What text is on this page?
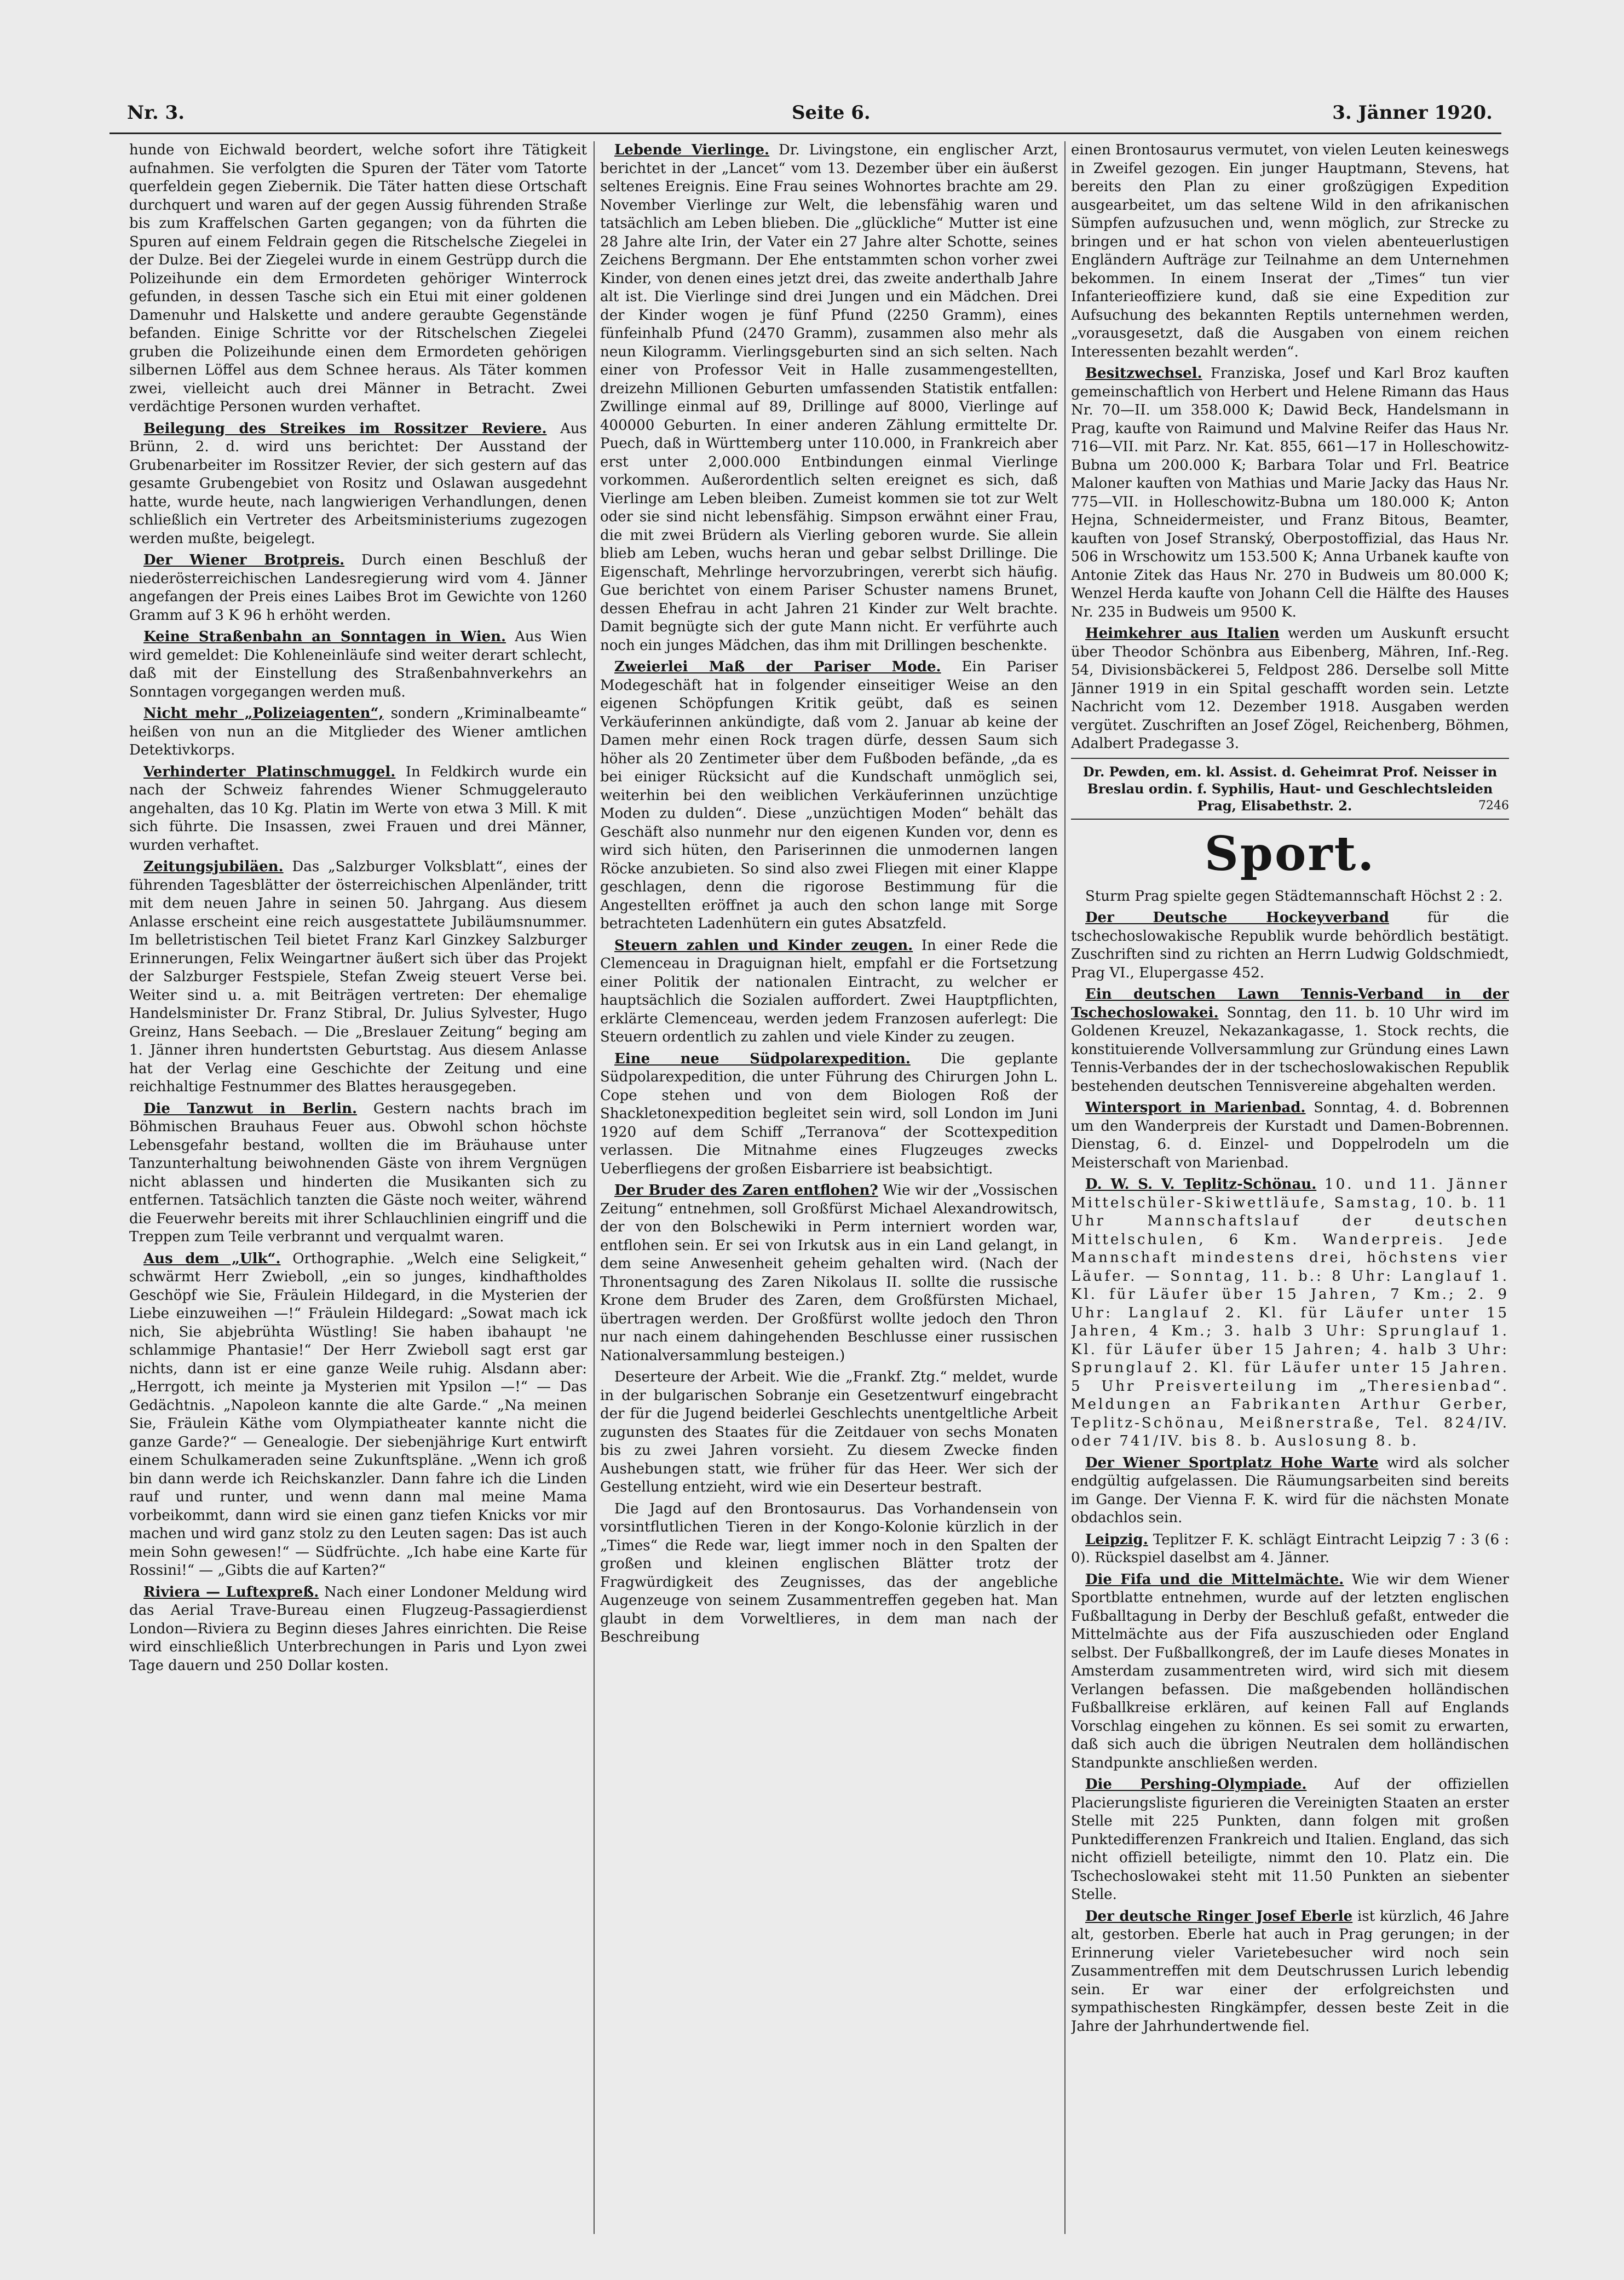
Nr. 3.	Seite 6.	3. Jänner 1920.

hunde von Eichwald beordert, welche sofort ihre Tätigkeit aufnahmen. Sie verfolgten die Spuren der Täter vom Tatorte querfeldein gegen Ziebernik. Die Täter hatten diese Ortschaft durchquert und waren auf der gegen Aussig führenden Straße bis zum Kraffelschen Garten gegangen; von da führten die Spuren auf einem Feldrain gegen die Ritschelsche Ziegelei in der Dulze. Bei der Ziegelei wurde in einem Gestrüpp durch die Polizeihunde ein dem Ermordeten gehöriger Winterrock gefunden, in dessen Tasche sich ein Etui mit einer goldenen Damenuhr und Halskette und andere geraubte Gegenstände befanden. Einige Schritte vor der Ritschelschen Ziegelei gruben die Polizeihunde einen dem Ermordeten gehörigen silbernen Löffel aus dem Schnee heraus. Als Täter kommen zwei, vielleicht auch drei Männer in Betracht. Zwei verdächtige Personen wurden verhaftet.

Beilegung des Streikes im Rossitzer Reviere. Aus Brünn, 2. d. wird uns berichtet: Der Ausstand der Grubenarbeiter im Rossitzer Revier, der sich gestern auf das gesamte Grubengebiet von Rositz und Oslawan ausgedehnt hatte, wurde heute, nach langwierigen Verhandlungen, denen schließlich ein Vertreter des Arbeitsministeriums zugezogen werden mußte, beigelegt.

Der Wiener Brotpreis. Durch einen Beschluß der niederösterreichischen Landesregierung wird vom 4. Jänner angefangen der Preis eines Laibes Brot im Gewichte von 1260 Gramm auf 3 K 96 h erhöht werden.

Keine Straßenbahn an Sonntagen in Wien. Aus Wien wird gemeldet: Die Kohleneinläufe sind weiter derart schlecht, daß mit der Einstellung des Straßenbahnverkehrs an Sonntagen vorgegangen werden muß.

Nicht mehr „Polizeiagenten“, sondern „Kriminalbeamte“ heißen von nun an die Mitglieder des Wiener amtlichen Detektivkorps.

Verhinderter Platinschmuggel. In Feldkirch wurde ein nach der Schweiz fahrendes Wiener Schmuggelerauto angehalten, das 10 Kg. Platin im Werte von etwa 3 Mill. K mit sich führte. Die Insassen, zwei Frauen und drei Männer, wurden verhaftet.

Zeitungsjubiläen. Das „Salzburger Volksblatt“, eines der führenden Tagesblätter der österreichischen Alpenländer, tritt mit dem neuen Jahre in seinen 50. Jahrgang. Aus diesem Anlasse erscheint eine reich ausgestattete Jubiläumsnummer. Im belletristischen Teil bietet Franz Karl Ginzkey Salzburger Erinnerungen, Felix Weingartner äußert sich über das Projekt der Salzburger Festspiele, Stefan Zweig steuert Verse bei. Weiter sind u. a. mit Beiträgen vertreten: Der ehemalige Handelsminister Dr. Franz Stibral, Dr. Julius Sylvester, Hugo Greinz, Hans Seebach. — Die „Breslauer Zeitung“ beging am 1. Jänner ihren hundertsten Geburtstag. Aus diesem Anlasse hat der Verlag eine Geschichte der Zeitung und eine reichhaltige Festnummer des Blattes herausgegeben.

Die Tanzwut in Berlin. Gestern nachts brach im Böhmischen Brauhaus Feuer aus. Obwohl schon höchste Lebensgefahr bestand, wollten die im Bräuhause unter Tanzunterhaltung beiwohnenden Gäste von ihrem Vergnügen nicht ablassen und hinderten die Musikanten sich zu entfernen. Tatsächlich tanzten die Gäste noch weiter, während die Feuerwehr bereits mit ihrer Schlauchlinien eingriff und die Treppen zum Teile verbrannt und verqualmt waren.

Aus dem „Ulk“. Orthographie. „Welch eine Seligkeit,“ schwärmt Herr Zwieboll, „ein so junges, kindhaftholdes Geschöpf wie Sie, Fräulein Hildegard, in die Mysterien der Liebe einzuweihen —!“ Fräulein Hildegard: „Sowat mach ick nich, Sie abjebrühta Wüstling! Sie haben ibahaupt 'ne schlammige Phantasie!“ Der Herr Zwieboll sagt erst gar nichts, dann ist er eine ganze Weile ruhig. Alsdann aber: „Herrgott, ich meinte ja Mysterien mit Ypsilon —!“ — Das Gedächtnis. „Napoleon kannte die alte Garde.“ „Na meinen Sie, Fräulein Käthe vom Olympiatheater kannte nicht die ganze Garde?“ — Genealogie. Der siebenjährige Kurt entwirft einem Schulkameraden seine Zukunftspläne. „Wenn ich groß bin dann werde ich Reichskanzler. Dann fahre ich die Linden rauf und runter, und wenn dann mal meine Mama vorbeikommt, dann wird sie einen ganz tiefen Knicks vor mir machen und wird ganz stolz zu den Leuten sagen: Das ist auch mein Sohn gewesen!“ — Südfrüchte. „Ich habe eine Karte für Rossini!“ — „Gibts die auf Karten?“

Riviera — Luftexpreß. Nach einer Londoner Meldung wird das Aerial Trave-Bureau einen Flugzeug-Passagierdienst London—Riviera zu Beginn dieses Jahres einrichten. Die Reise wird einschließlich Unterbrechungen in Paris und Lyon zwei Tage dauern und 250 Dollar kosten.

Lebende Vierlinge. Dr. Livingstone, ein englischer Arzt, berichtet in der „Lancet“ vom 13. Dezember über ein äußerst seltenes Ereignis. Eine Frau seines Wohnortes brachte am 29. November Vierlinge zur Welt, die lebensfähig waren und tatsächlich am Leben blieben. Die „glückliche“ Mutter ist eine 28 Jahre alte Irin, der Vater ein 27 Jahre alter Schotte, seines Zeichens Bergmann. Der Ehe entstammten schon vorher zwei Kinder, von denen eines jetzt drei, das zweite anderthalb Jahre alt ist. Die Vierlinge sind drei Jungen und ein Mädchen. Drei der Kinder wogen je fünf Pfund (2250 Gramm), eines fünfeinhalb Pfund (2470 Gramm), zusammen also mehr als neun Kilogramm. Vierlingsgeburten sind an sich selten. Nach einer von Professor Veit in Halle zusammengestellten, dreizehn Millionen Geburten umfassenden Statistik entfallen: Zwillinge einmal auf 89, Drillinge auf 8000, Vierlinge auf 400000 Geburten. In einer anderen Zählung ermittelte Dr. Puech, daß in Württemberg unter 110.000, in Frankreich aber erst unter 2,000.000 Entbindungen einmal Vierlinge vorkommen. Außerordentlich selten ereignet es sich, daß Vierlinge am Leben bleiben. Zumeist kommen sie tot zur Welt oder sie sind nicht lebensfähig. Simpson erwähnt einer Frau, die mit zwei Brüdern als Vierling geboren wurde. Sie allein blieb am Leben, wuchs heran und gebar selbst Drillinge. Die Eigenschaft, Mehrlinge hervorzubringen, vererbt sich häufig. Gue berichtet von einem Pariser Schuster namens Brunet, dessen Ehefrau in acht Jahren 21 Kinder zur Welt brachte. Damit begnügte sich der gute Mann nicht. Er verführte auch noch ein junges Mädchen, das ihm mit Drillingen beschenkte.

Zweierlei Maß der Pariser Mode. Ein Pariser Modegeschäft hat in folgender einseitiger Weise an den eigenen Schöpfungen Kritik geübt, daß es seinen Verkäuferinnen ankündigte, daß vom 2. Januar ab keine der Damen mehr einen Rock tragen dürfe, dessen Saum sich höher als 20 Zentimeter über dem Fußboden befände, „da es bei einiger Rücksicht auf die Kundschaft unmöglich sei, weiterhin bei den weiblichen Verkäuferinnen unzüchtige Moden zu dulden“. Diese „unzüchtigen Moden“ behält das Geschäft also nunmehr nur den eigenen Kunden vor, denn es wird sich hüten, den Pariserinnen die unmodernen langen Röcke anzubieten. So sind also zwei Fliegen mit einer Klappe geschlagen, denn die rigorose Bestimmung für die Angestellten eröffnet ja auch den schon lange mit Sorge betrachteten Ladenhütern ein gutes Absatzfeld.

Steuern zahlen und Kinder zeugen. In einer Rede die Clemenceau in Draguignan hielt, empfahl er die Fortsetzung einer Politik der nationalen Eintracht, zu welcher er hauptsächlich die Sozialen auffordert. Zwei Hauptpflichten, erklärte Clemenceau, werden jedem Franzosen auferlegt: Die Steuern ordentlich zu zahlen und viele Kinder zu zeugen.

Eine neue Südpolarexpedition. Die geplante Südpolarexpedition, die unter Führung des Chirurgen John L. Cope stehen und von dem Biologen Roß der Shackletonexpedition begleitet sein wird, soll London im Juni 1920 auf dem Schiff „Terranova“ der Scottexpedition verlassen. Die Mitnahme eines Flugzeuges zwecks Ueberfliegens der großen Eisbarriere ist beabsichtigt.

Der Bruder des Zaren entflohen? Wie wir der „Vossischen Zeitung“ entnehmen, soll Großfürst Michael Alexandrowitsch, der von den Bolschewiki in Perm interniert worden war, entflohen sein. Er sei von Irkutsk aus in ein Land gelangt, in dem seine Anwesenheit geheim gehalten wird. (Nach der Thronentsagung des Zaren Nikolaus II. sollte die russische Krone dem Bruder des Zaren, dem Großfürsten Michael, übertragen werden. Der Großfürst wollte jedoch den Thron nur nach einem dahingehenden Beschlusse einer russischen Nationalversammlung besteigen.)

Deserteure der Arbeit. Wie die „Frankf. Ztg.“ meldet, wurde in der bulgarischen Sobranje ein Gesetzentwurf eingebracht der für die Jugend beiderlei Geschlechts unentgeltliche Arbeit zugunsten des Staates für die Zeitdauer von sechs Monaten bis zu zwei Jahren vorsieht. Zu diesem Zwecke finden Aushebungen statt, wie früher für das Heer. Wer sich der Gestellung entzieht, wird wie ein Deserteur bestraft.

Die Jagd auf den Brontosaurus. Das Vorhandensein von vorsintflutlichen Tieren in der Kongo-Kolonie kürzlich in der „Times“ die Rede war, liegt immer noch in den Spalten der großen und kleinen englischen Blätter trotz der Fragwürdigkeit des Zeugnisses, das der angebliche Augenzeuge von seinem Zusammentreffen gegeben hat. Man glaubt in dem Vorweltlieres, in dem man nach der Beschreibung

einen Brontosaurus vermutet, von vielen Leuten keineswegs in Zweifel gezogen. Ein junger Hauptmann, Stevens, hat bereits den Plan zu einer großzügigen Expedition ausgearbeitet, um das seltene Wild in den afrikanischen Sümpfen aufzusuchen und, wenn möglich, zur Strecke zu bringen und er hat schon von vielen abenteuerlustigen Engländern Aufträge zur Teilnahme an dem Unternehmen bekommen. In einem Inserat der „Times“ tun vier Infanterieoffiziere kund, daß sie eine Expedition zur Aufsuchung des bekannten Reptils unternehmen werden, „vorausgesetzt, daß die Ausgaben von einem reichen Interessenten bezahlt werden“.

Besitzwechsel. Franziska, Josef und Karl Broz kauften gemeinschaftlich von Herbert und Helene Rimann das Haus Nr. 70—II. um 358.000 K; Dawid Beck, Handelsmann in Prag, kaufte von Raimund und Malvine Reifer das Haus Nr. 716—VII. mit Parz. Nr. Kat. 855, 661—17 in Holleschowitz-Bubna um 200.000 K; Barbara Tolar und Frl. Beatrice Maloner kauften von Mathias und Marie Jacky das Haus Nr. 775—VII. in Holleschowitz-Bubna um 180.000 K; Anton Hejna, Schneidermeister, und Franz Bitous, Beamter, kauften von Josef Stranský, Oberpostoffizial, das Haus Nr. 506 in Wrschowitz um 153.500 K; Anna Urbanek kaufte von Antonie Zitek das Haus Nr. 270 in Budweis um 80.000 K; Wenzel Herda kaufte von Johann Cell die Hälfte des Hauses Nr. 235 in Budweis um 9500 K.

Heimkehrer aus Italien werden um Auskunft ersucht über Theodor Schönbra aus Eibenberg, Mähren, Inf.-Reg. 54, Divisionsbäckerei 5, Feldpost 286. Derselbe soll Mitte Jänner 1919 in ein Spital geschafft worden sein. Letzte Nachricht vom 12. Dezember 1918. Ausgaben werden vergütet. Zuschriften an Josef Zögel, Reichenberg, Böhmen, Adalbert Pradegasse 3.

Dr. Pewden, em. kl. Assist. d. Geheimrat Prof. Neisser in Breslau ordin. f. Syphilis, Haut- und Geschlechtsleiden Prag, Elisabethstr. 2.	7246
Sport.

Sturm Prag spielte gegen Städtemannschaft Höchst 2 : 2.

Der Deutsche Hockeyverband	für die tschechoslowakische Republik wurde behördlich bestätigt. Zuschriften sind zu richten an Herrn Ludwig Goldschmiedt, Prag VI., Elupergasse 452.

Ein deutschen Lawn Tennis-Verband in der Tschechoslowakei. Sonntag, den 11. b. 10 Uhr wird im Goldenen Kreuzel, Nekazankagasse, 1. Stock rechts, die konstituierende Vollversammlung zur Gründung eines Lawn Tennis-Verbandes der in der tschechoslowakischen Republik bestehenden deutschen Tennisvereine abgehalten werden.

Wintersport in Marienbad. Sonntag, 4. d. Bobrennen um den Wanderpreis der Kurstadt und Damen-Bobrennen. Dienstag, 6. d. Einzel- und Doppelrodeln um die Meisterschaft von Marienbad.

D. W. S. V. Teplitz-Schönau. 10. und 11. Jänner Mittelschüler-Skiwettläufe, Samstag, 10. b. 11 Uhr Mannschaftslauf der deutschen Mittelschulen, 6 Km. Wanderpreis. Jede Mannschaft mindestens drei, höchstens vier Läufer. — Sonntag, 11. b.: 8 Uhr: Langlauf 1. Kl. für Läufer über 15 Jahren, 7 Km.; 2. 9 Uhr: Langlauf 2. Kl. für Läufer unter 15 Jahren, 4 Km.; 3. halb 3 Uhr: Sprunglauf 1. Kl. für Läufer über 15 Jahren; 4. halb 3 Uhr: Sprunglauf 2. Kl. für Läufer unter 15 Jahren. 5 Uhr Preisverteilung im „Theresienbad“. Meldungen an Fabrikanten Arthur Gerber, Teplitz-Schönau, Meißnerstraße, Tel. 824/IV. oder 741/IV. bis 8. b. Auslosung 8. b.

Der Wiener Sportplatz Hohe Warte wird als solcher endgültig aufgelassen. Die Räumungsarbeiten sind bereits im Gange. Der Vienna F. K. wird für die nächsten Monate obdachlos sein.

Leipzig. Teplitzer F. K. schlägt Eintracht Leipzig 7 : 3 (6 : 0). Rückspiel daselbst am 4. Jänner.

Die Fifa und die Mittelmächte. Wie wir dem Wiener Sportblatte entnehmen, wurde auf der letzten englischen Fußballtagung in Derby der Beschluß gefaßt, entweder die Mittelmächte aus der Fifa auszuschieden oder England selbst. Der Fußballkongreß, der im Laufe dieses Monates in Amsterdam zusammentreten wird, wird sich mit diesem Verlangen befassen. Die maßgebenden holländischen Fußballkreise erklären, auf keinen Fall auf Englands Vorschlag eingehen zu können. Es sei somit zu erwarten, daß sich auch die übrigen Neutralen dem holländischen Standpunkte anschließen werden.

Die Pershing-Olympiade. Auf der offiziellen Placierungsliste figurieren die Vereinigten Staaten an erster Stelle mit 225 Punkten, dann folgen mit großen Punktedifferenzen Frankreich und Italien. England, das sich nicht offiziell beteiligte, nimmt den 10. Platz ein. Die Tschechoslowakei steht mit 11.50 Punkten an siebenter Stelle.

Der deutsche Ringer Josef Eberle ist kürzlich, 46 Jahre alt, gestorben. Eberle hat auch in Prag gerungen; in der Erinnerung vieler Varietebesucher wird noch sein Zusammentreffen mit dem Deutschrussen Lurich lebendig sein. Er war einer der erfolgreichsten und sympathischesten Ringkämpfer, dessen beste Zeit in die Jahre der Jahrhundertwende fiel.
